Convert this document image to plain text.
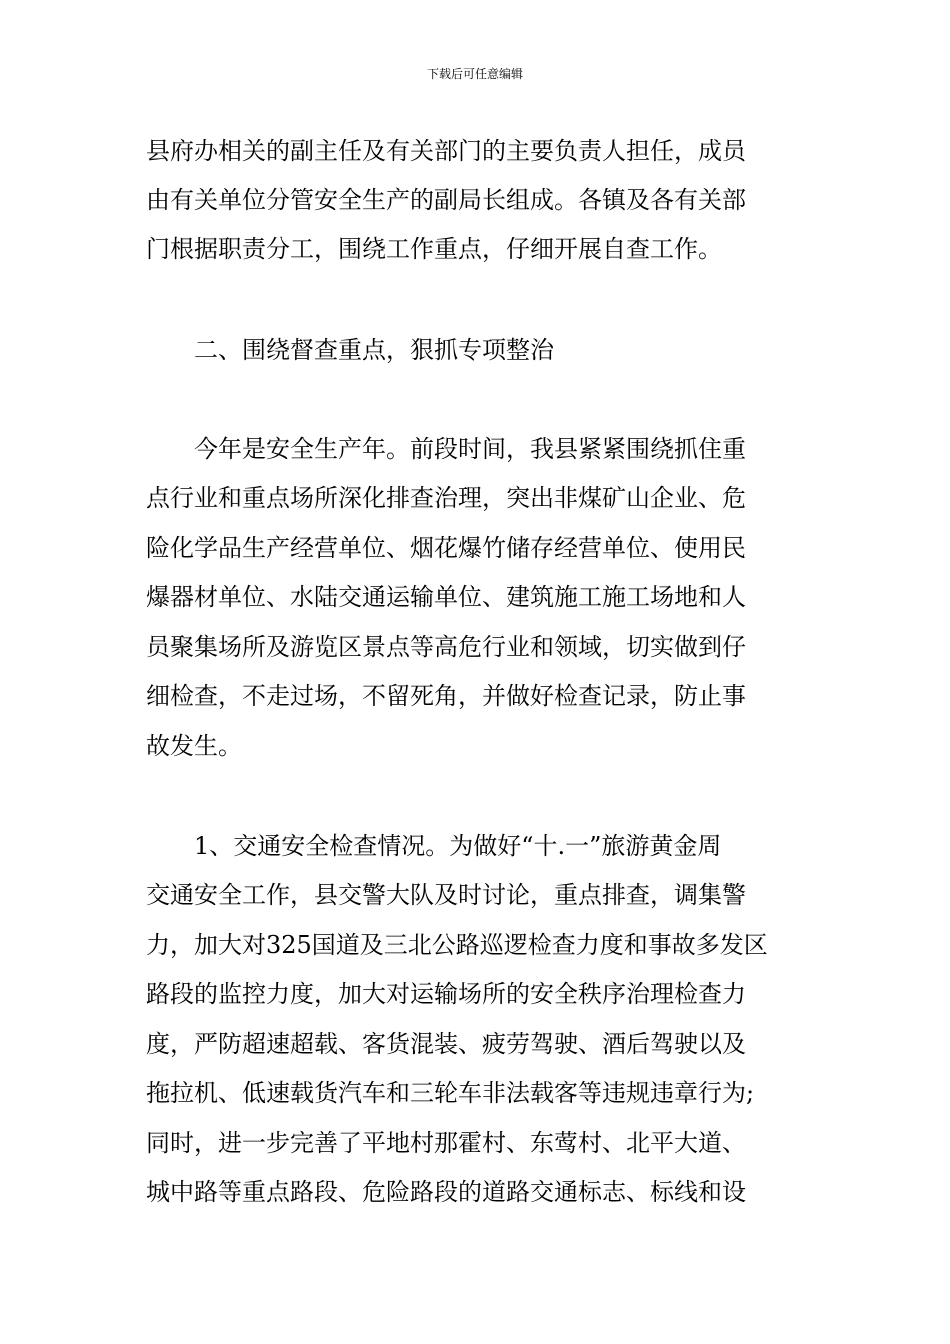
下载后可任意编辑
县府办相关的副主任及有关部门的主要负责人担任，成员
由有关单位分管安全生产的副局长组成。各镇及各有关部
门根据职责分工，围绕工作重点，仔细开展自查工作。
二、围绕督查重点，狠抓专项整治
今年是安全生产年。前段时间，我县紧紧围绕抓住重
点行业和重点场所深化排查治理，突出非煤矿山企业、危
险化学品生产经营单位、烟花爆竹储存经营单位、使用民
爆器材单位、水陆交通运输单位、建筑施工施工场地和人
员聚集场所及游览区景点等高危行业和领域，切实做到仔
细检查，不走过场，不留死角，并做好检查记录，防止事
故发生。
1、交通安全检查情况。为做好“十.一”旅游黄金周
交通安全工作，县交警大队及时讨论，重点排查，调集警
力，加大对325国道及三北公路巡逻检查力度和事故多发区
路段的监控力度，加大对运输场所的安全秩序治理检查力
度，严防超速超载、客货混装、疲劳驾驶、酒后驾驶以及
拖拉机、低速载货汽车和三轮车非法载客等违规违章行为;
同时，进一步完善了平地村那霍村、东莺村、北平大道、
城中路等重点路段、危险路段的道路交通标志、标线和设
